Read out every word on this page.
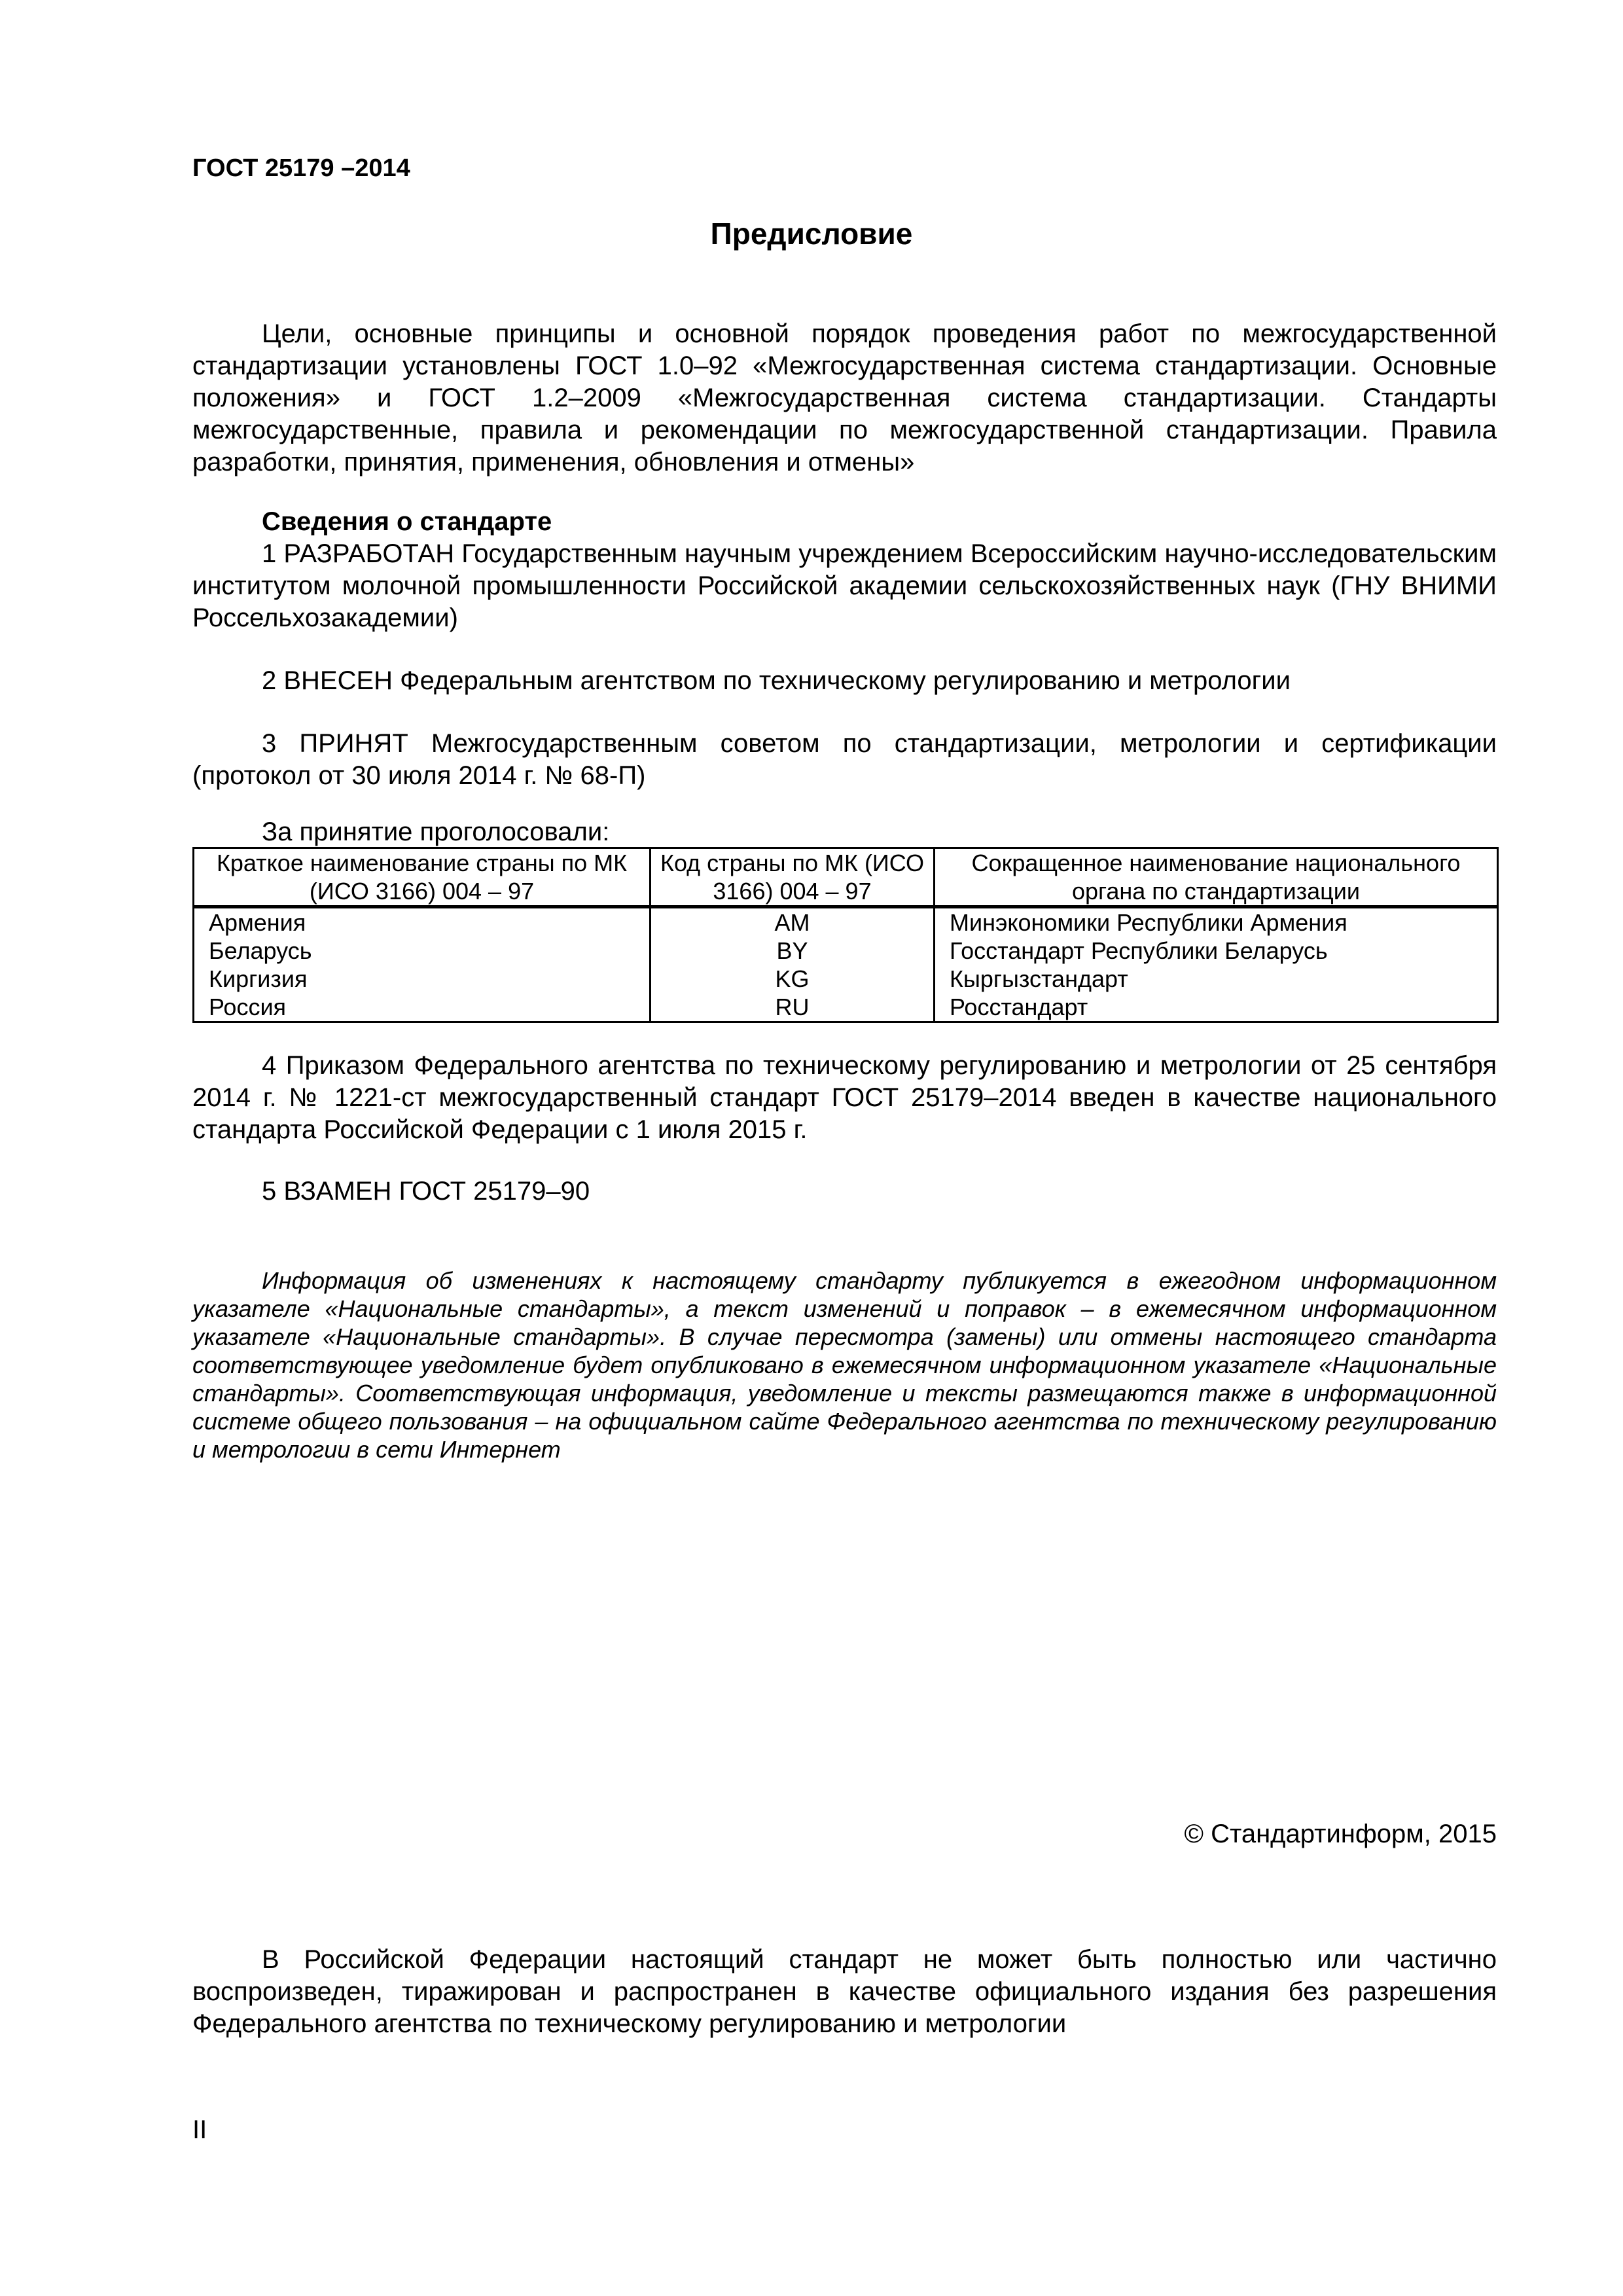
ГОСТ 25179 –2014
Предисловие
Цели, основные принципы и основной порядок проведения работ по межгосударственной стандартизации установлены ГОСТ 1.0–92 «Межгосударственная система стандартизации. Основные положения» и ГОСТ 1.2–2009 «Межгосударственная система стандартизации. Стандарты межгосударственные, правила и рекомендации по межгосударственной стандартизации. Правила разработки, принятия, применения, обновления и отмены»
Сведения о стандарте
1 РАЗРАБОТАН Государственным научным учреждением Всероссийским научно-исследовательским институтом молочной промышленности Российской академии сельскохозяйственных наук (ГНУ ВНИМИ Россельхозакадемии)
2 ВНЕСЕН Федеральным агентством по техническому регулированию и метрологии
3 ПРИНЯТ Межгосударственным советом по стандартизации, метрологии и сертификации (протокол от 30 июля 2014 г. № 68-П)
За принятие проголосовали:
Краткое наименование страны по МК (ИСО 3166) 004 – 97	Код страны по МК (ИСО 3166) 004 – 97	Сокращенное наименование национального органа по стандартизации
Армения	AM	Минэкономики Республики Армения
Беларусь	BY	Госстандарт Республики Беларусь
Киргизия	KG	Кыргызстандарт
Россия	RU	Росстандарт
4 Приказом Федерального агентства по техническому регулированию и метрологии от 25 сентября 2014 г. № 1221-ст межгосударственный стандарт ГОСТ 25179–2014 введен в качестве национального стандарта Российской Федерации с 1 июля 2015 г.
5 ВЗАМЕН ГОСТ 25179–90
Информация об изменениях к настоящему стандарту публикуется в ежегодном информационном указателе «Национальные стандарты», а текст изменений и поправок – в ежемесячном информационном указателе «Национальные стандарты». В случае пересмотра (замены) или отмены настоящего стандарта соответствующее уведомление будет опубликовано в ежемесячном информационном указателе «Национальные стандарты». Соответствующая информация, уведомление и тексты размещаются также в информационной системе общего пользования – на официальном сайте Федерального агентства по техническому регулированию и метрологии в сети Интернет
© Стандартинформ, 2015
В Российской Федерации настоящий стандарт не может быть полностью или частично воспроизведен, тиражирован и распространен в качестве официального издания без разрешения Федерального агентства по техническому регулированию и метрологии
II
